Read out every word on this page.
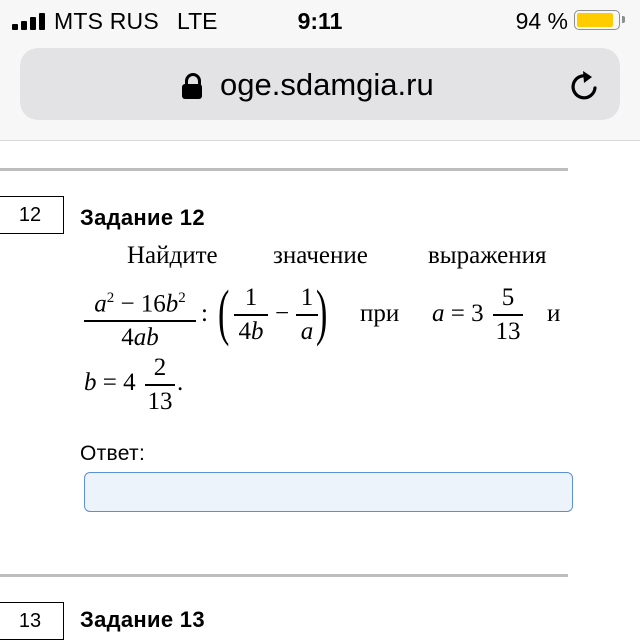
MTS RUS LTE	9:11	94 %
oge.sdamgia.ru
12	Задание 12
Найдите значение выражения
$a^2 - 16b^2$
4ab
: ( 1
4b
−
1
a ) при a = 3
5
13
и
b = 4
2
13
.
Ответ:
13	Задание 13
